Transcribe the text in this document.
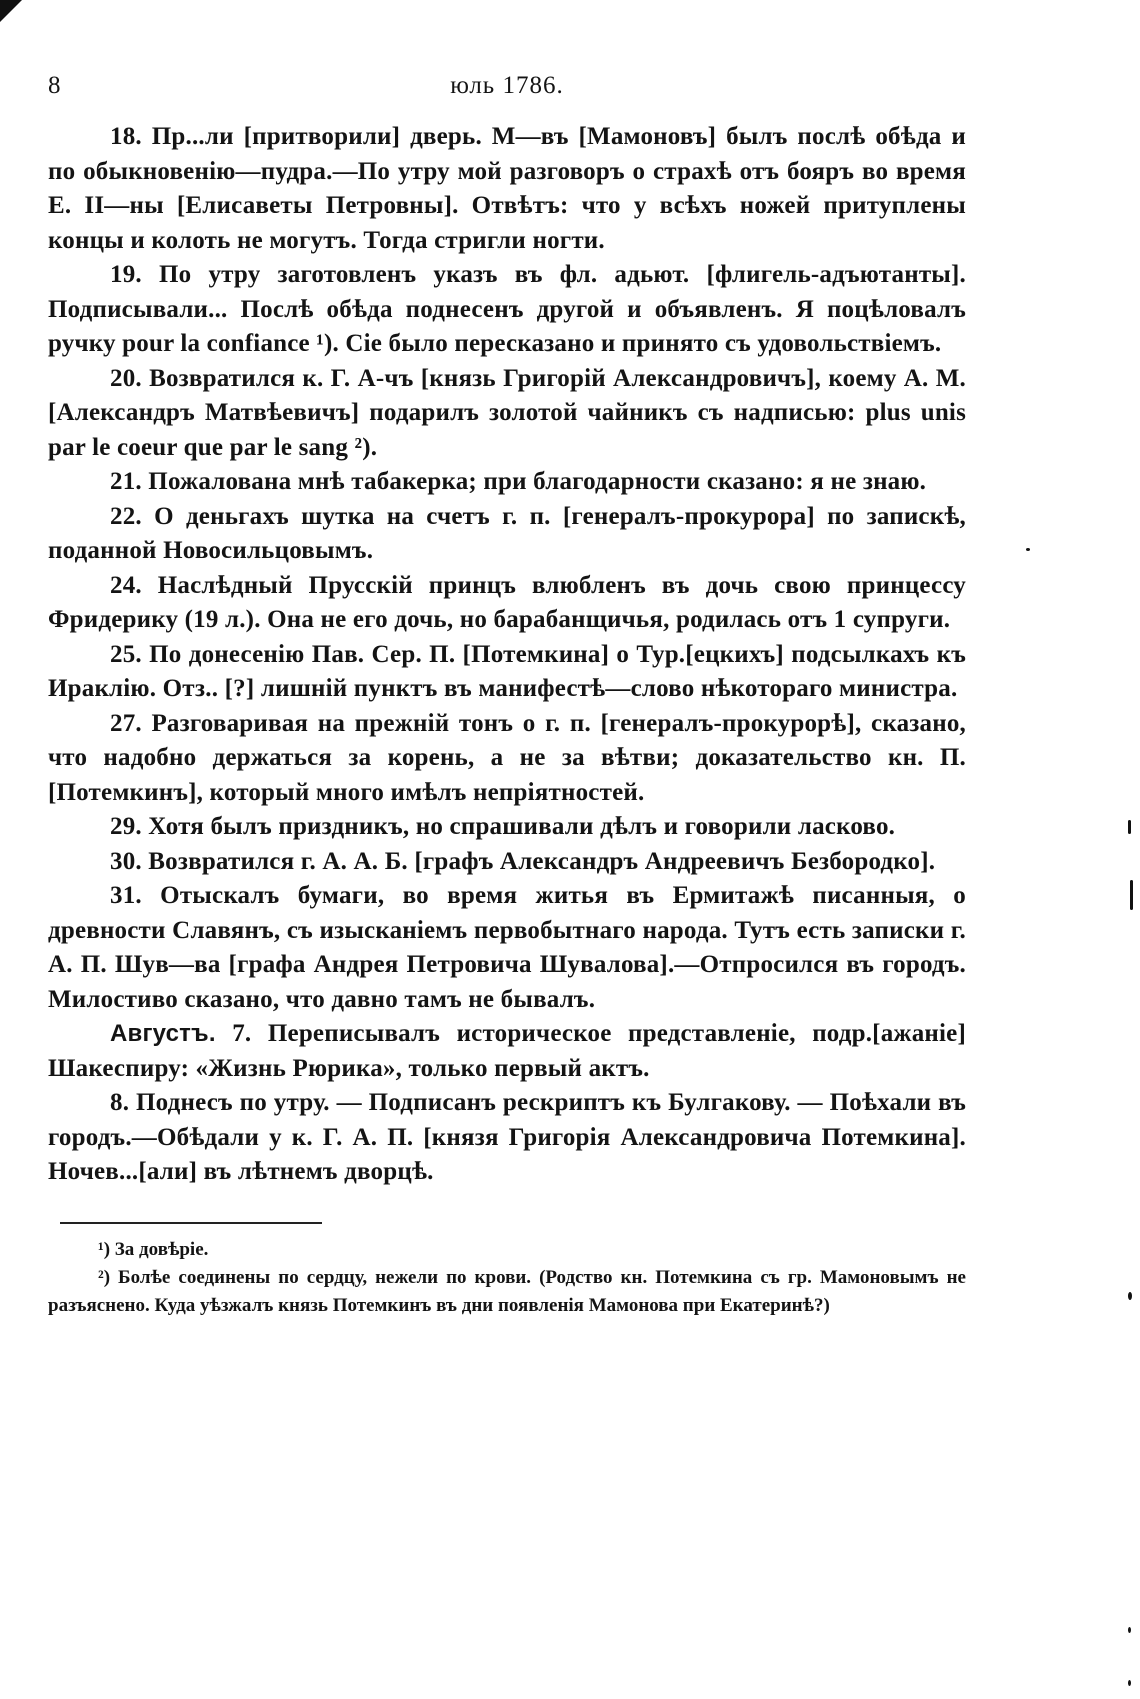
8	юль 1786.

18. Пр...ли [притворили] дверь. М—въ [Мамоновъ] былъ послѣ обѣда и по обыкновенію—пудра.—По утру мой разговоръ о страхѣ отъ бояръ во время Е. II—ны [Елисаветы Петровны]. Отвѣтъ: что у всѣхъ ножей притуплены концы и колоть не могутъ. Тогда стригли ногти.

19. По утру заготовленъ указъ въ фл. адьют. [флигель-адъютанты]. Подписывали... Послѣ обѣда поднесенъ другой и объявленъ. Я поцѣловалъ ручку pour la confiance ¹). Сіе было пересказано и принято съ удовольствіемъ.

20. Возвратился к. Г. А-чъ [князь Григорій Александровичъ], коему А. М. [Александръ Матвѣевичъ] подарилъ золотой чайникъ съ надписью: plus unis par le coeur que par le sang ²).

21. Пожалована мнѣ табакерка; при благодарности сказано: я не знаю.

22. О деньгахъ шутка на счетъ г. п. [генералъ-прокурора] по запискѣ, поданной Новосильцовымъ.

24. Наслѣдный Прусскій принцъ влюбленъ въ дочь свою принцессу Фридерику (19 л.). Она не его дочь, но барабанщичья, родилась отъ 1 супруги.

25. По донесенію Пав. Сер. П. [Потемкина] о Тур.[ецкихъ] подсылкахъ къ Ираклію. Отз.. [?] лишній пунктъ въ манифестѣ—слово нѣкотораго министра.

27. Разговаривая на прежній тонъ о г. п. [генералъ-прокурорѣ], сказано, что надобно держаться за корень, а не за вѣтви; доказательство кн. П. [Потемкинъ], который много имѣлъ непріятностей.

29. Хотя былъ приздникъ, но спрашивали дѣлъ и говорили ласково.

30. Возвратился г. А. А. Б. [графъ Александръ Андреевичъ Безбородко].

31. Отыскалъ бумаги, во время житья въ Ермитажѣ писанныя, о древности Славянъ, съ изысканіемъ первобытнаго народа. Тутъ есть записки г. А. П. Шув—ва [графа Андрея Петровича Шувалова].—Отпросился въ городъ. Милостиво сказано, что давно тамъ не бывалъ.

Августъ. 7. Переписывалъ историческое представленіе, подр.[ажаніе] Шакеспиру: «Жизнь Рюрика», только первый актъ.

8. Поднесъ по утру. — Подписанъ рескриптъ къ Булгакову. — Поѣхали въ городъ.—Обѣдали у к. Г. А. П. [князя Григорія Александровича Потемкина]. Ночев...[али] въ лѣтнемъ дворцѣ.

¹) За довѣріе.

²) Болѣе соединены по сердцу, нежели по крови. (Родство кн. Потемкина съ гр. Мамоновымъ не разъяснено. Куда уѣзжалъ князь Потемкинъ въ дни появленія Мамонова при Екатеринѣ?)
